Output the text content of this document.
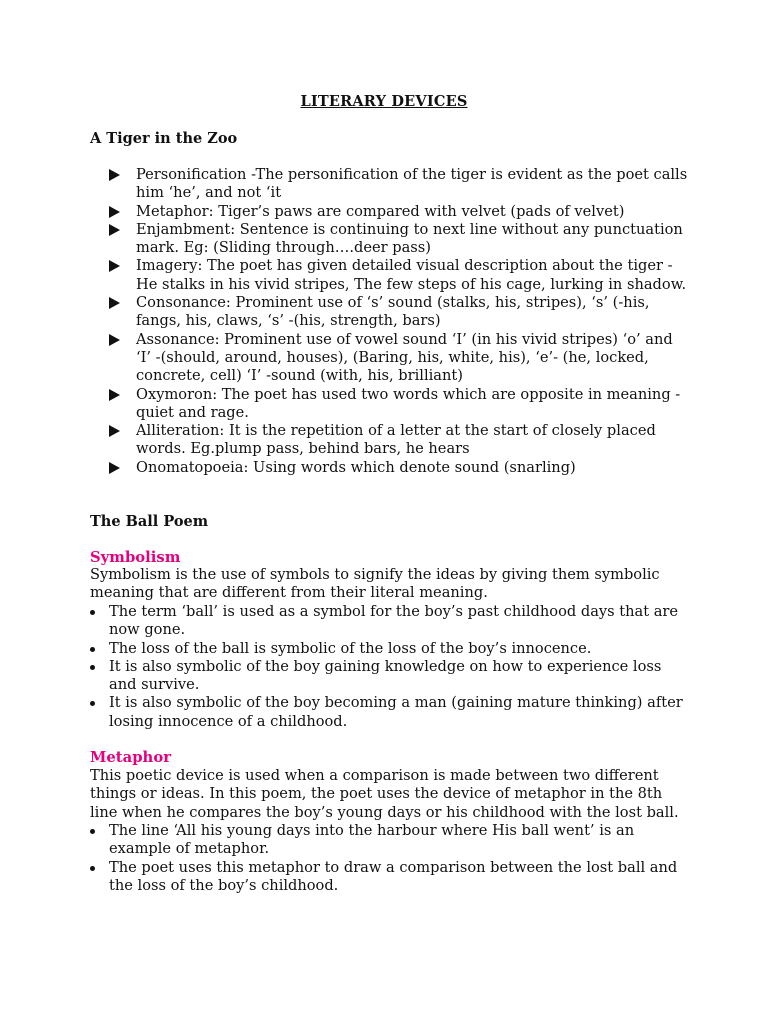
LITERARY DEVICES
A Tiger in the Zoo
Personification -The personification of the tiger is evident as the poet calls him ‘he’, and not ‘it
Metaphor: Tiger’s paws are compared with velvet (pads of velvet)
Enjambment: Sentence is continuing to next line without any punctuation mark. Eg: (Sliding through….deer pass)
Imagery: The poet has given detailed visual description about the tiger - He stalks in his vivid stripes, The few steps of his cage, lurking in shadow.
Consonance: Prominent use of ‘s’ sound (stalks, his, stripes), ‘s’ (-his, fangs, his, claws, ‘s’ -(his, strength, bars)
Assonance: Prominent use of vowel sound ‘I’ (in his vivid stripes) ‘o’ and ‘I’ -(should, around, houses), (Baring, his, white, his), ‘e’- (he, locked, concrete, cell) ‘I’ -sound (with, his, brilliant)
Oxymoron: The poet has used two words which are opposite in meaning - quiet and rage.
Alliteration: It is the repetition of a letter at the start of closely placed words. Eg.plump pass, behind bars, he hears
Onomatopoeia: Using words which denote sound (snarling)
The Ball Poem
Symbolism

Symbolism is the use of symbols to signify the ideas by giving them symbolic meaning that are different from their literal meaning.

The term ‘ball’ is used as a symbol for the boy’s past childhood days that are now gone.
The loss of the ball is symbolic of the loss of the boy’s innocence.
It is also symbolic of the boy gaining knowledge on how to experience loss and survive.
It is also symbolic of the boy becoming a man (gaining mature thinking) after losing innocence of a childhood.
Metaphor

This poetic device is used when a comparison is made between two different things or ideas. In this poem, the poet uses the device of metaphor in the 8th line when he compares the boy’s young days or his childhood with the lost ball.

The line ‘All his young days into the harbour where His ball went’ is an example of metaphor.
The poet uses this metaphor to draw a comparison between the lost ball and the loss of the boy’s childhood.
